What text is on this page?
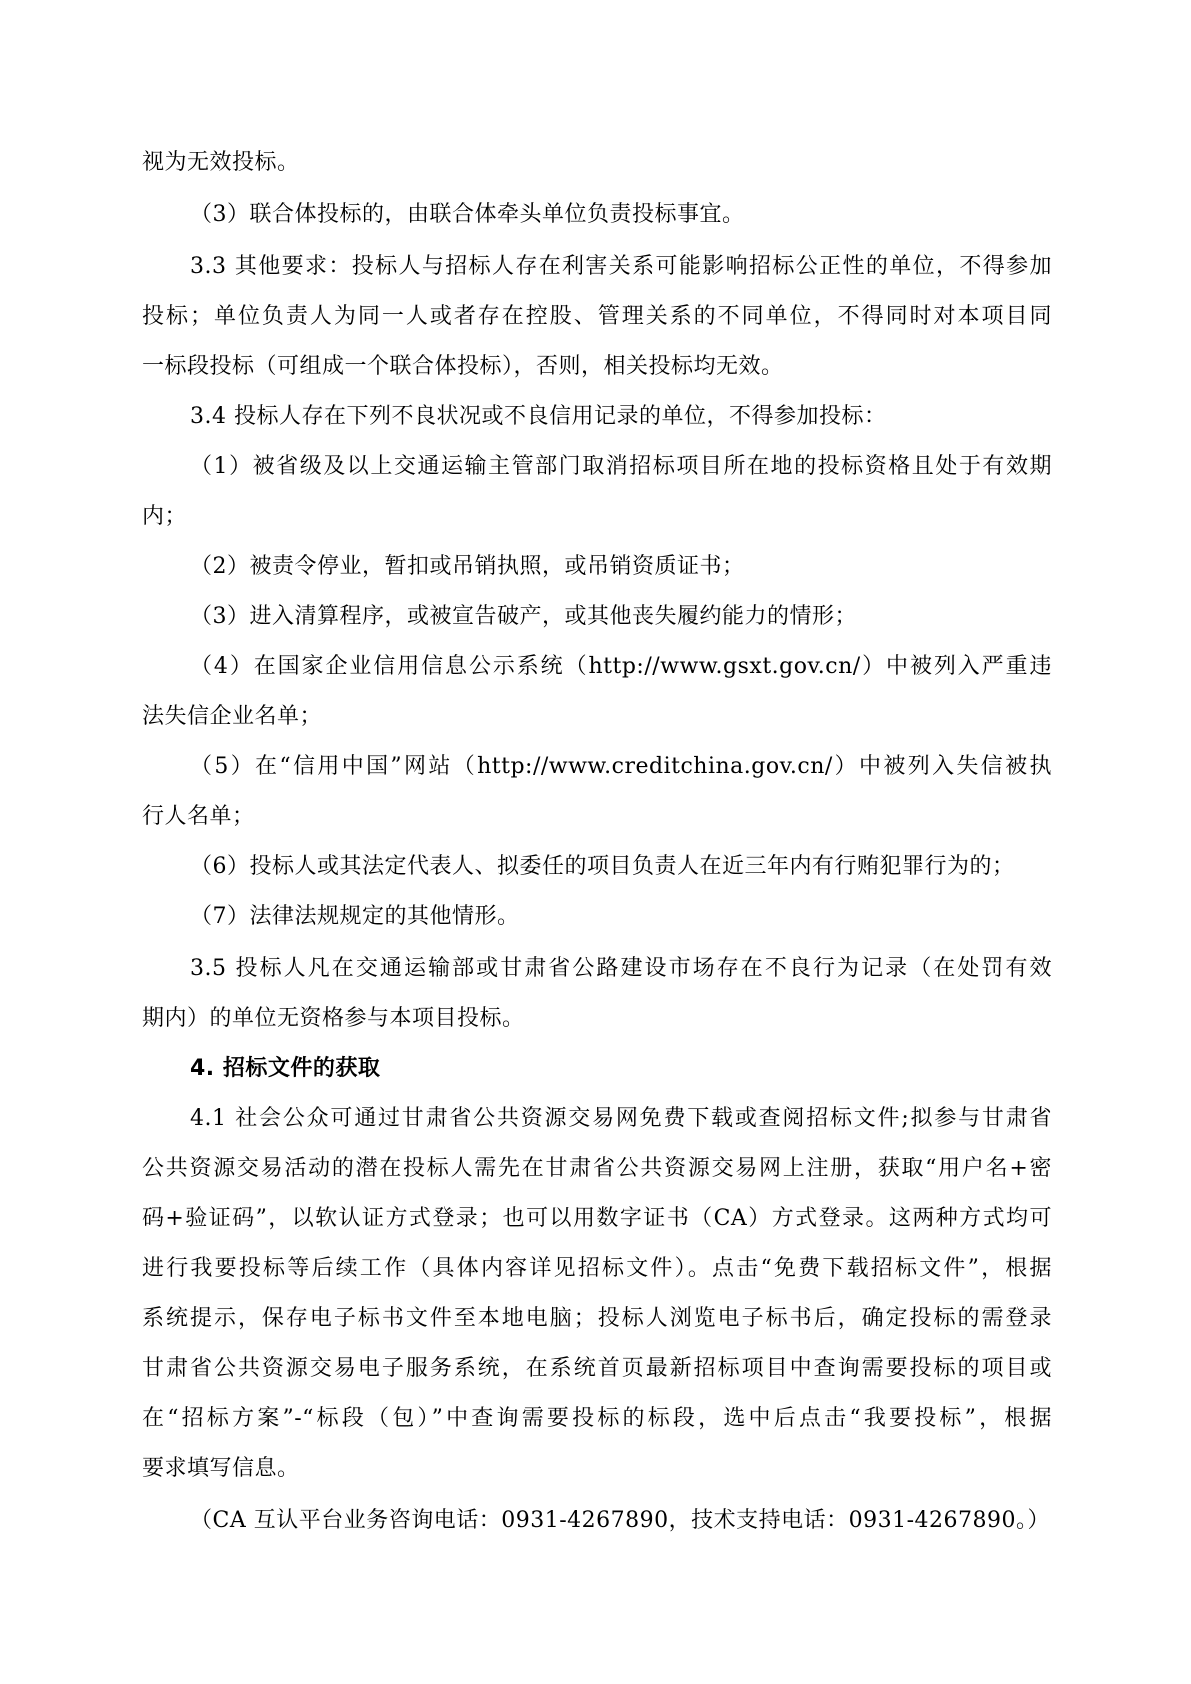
视为无效投标。
（3）联合体投标的，由联合体牵头单位负责投标事宜。
3.3 其他要求：投标人与招标人存在利害关系可能影响招标公正性的单位，不得参加
投标；单位负责人为同一人或者存在控股、管理关系的不同单位，不得同时对本项目同
一标段投标（可组成一个联合体投标），否则，相关投标均无效。
3.4 投标人存在下列不良状况或不良信用记录的单位，不得参加投标：
（1）被省级及以上交通运输主管部门取消招标项目所在地的投标资格且处于有效期
内；
（2）被责令停业，暂扣或吊销执照，或吊销资质证书；
（3）进入清算程序，或被宣告破产，或其他丧失履约能力的情形；
（4）在国家企业信用信息公示系统（http://www.gsxt.gov.cn/）中被列入严重违
法失信企业名单；
（5）在“信用中国”网站（http://www.creditchina.gov.cn/）中被列入失信被执
行人名单；
（6）投标人或其法定代表人、拟委任的项目负责人在近三年内有行贿犯罪行为的；
（7）法律法规规定的其他情形。
3.5 投标人凡在交通运输部或甘肃省公路建设市场存在不良行为记录（在处罚有效
期内）的单位无资格参与本项目投标。
4. 招标文件的获取
4.1 社会公众可通过甘肃省公共资源交易网免费下载或查阅招标文件;拟参与甘肃省
公共资源交易活动的潜在投标人需先在甘肃省公共资源交易网上注册，获取“用户名+密
码+验证码”，以软认证方式登录；也可以用数字证书（CA）方式登录。这两种方式均可
进行我要投标等后续工作（具体内容详见招标文件）。点击“免费下载招标文件”，根据
系统提示，保存电子标书文件至本地电脑；投标人浏览电子标书后，确定投标的需登录
甘肃省公共资源交易电子服务系统，在系统首页最新招标项目中查询需要投标的项目或
在“招标方案”-“标段（包）”中查询需要投标的标段，选中后点击“我要投标”，根据
要求填写信息。
（CA 互认平台业务咨询电话：0931-4267890，技术支持电话：0931-4267890。）
